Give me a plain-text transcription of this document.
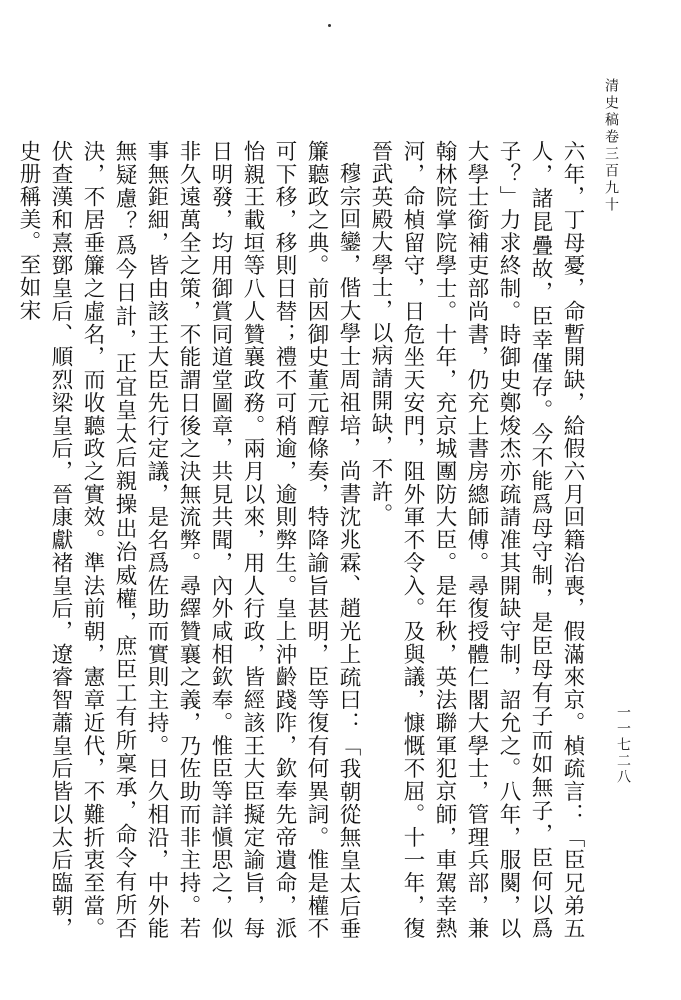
清史稿卷三百九十
一一七二八

六年，丁母憂，命暫開缺，給假六月回籍治喪，假滿來京。楨疏言：「臣兄弟五人，諸昆疊故，臣幸僅存。今不能爲母守制，是臣母有子而如無子，臣何以爲子？」力求終制。時御史鄭焌杰亦疏請准其開缺守制，詔允之。八年，服闋，以大學士銜補吏部尚書，仍充上書房總師傅。尋復授體仁閣大學士，管理兵部，兼翰林院掌院學士。十年，充京城團防大臣。是年秋，英法聯軍犯京師，車駕幸熱河，命楨留守，日危坐天安門，阻外軍不令入。及與議，慷慨不屈。十一年，復晉武英殿大學士，以病請開缺，不許。

穆宗回鑾，偕大學士周祖培，尚書沈兆霖、趙光上疏曰：「我朝從無皇太后垂簾聽政之典。前因御史董元醇條奏，特降諭旨甚明，臣等復有何異詞。惟是權不可下移，移則日替；禮不可稍逾，逾則弊生。皇上沖齡踐阼，欽奉先帝遺命，派怡親王載垣等八人贊襄政務。兩月以來，用人行政，皆經該王大臣擬定諭旨，每日明發，均用御賞同道堂圖章，共見共聞，內外咸相欽奉。惟臣等詳愼思之，似非久遠萬全之策，不能謂日後之決無流弊。尋繹贊襄之義，乃佐助而非主持。若事無鉅細，皆由該王大臣先行定議，是名爲佐助而實則主持。日久相沿，中外能無疑慮？爲今日計，正宜皇太后親操出治威權，庶臣工有所稟承，命令有所否決，不居垂簾之虛名，而收聽政之實效。準法前朝，憲章近代，不難折衷至當。伏查漢和熹鄧皇后、順烈梁皇后，晉康獻褚皇后，遼睿智蕭皇后皆以太后臨朝，史册稱美。至如宋
